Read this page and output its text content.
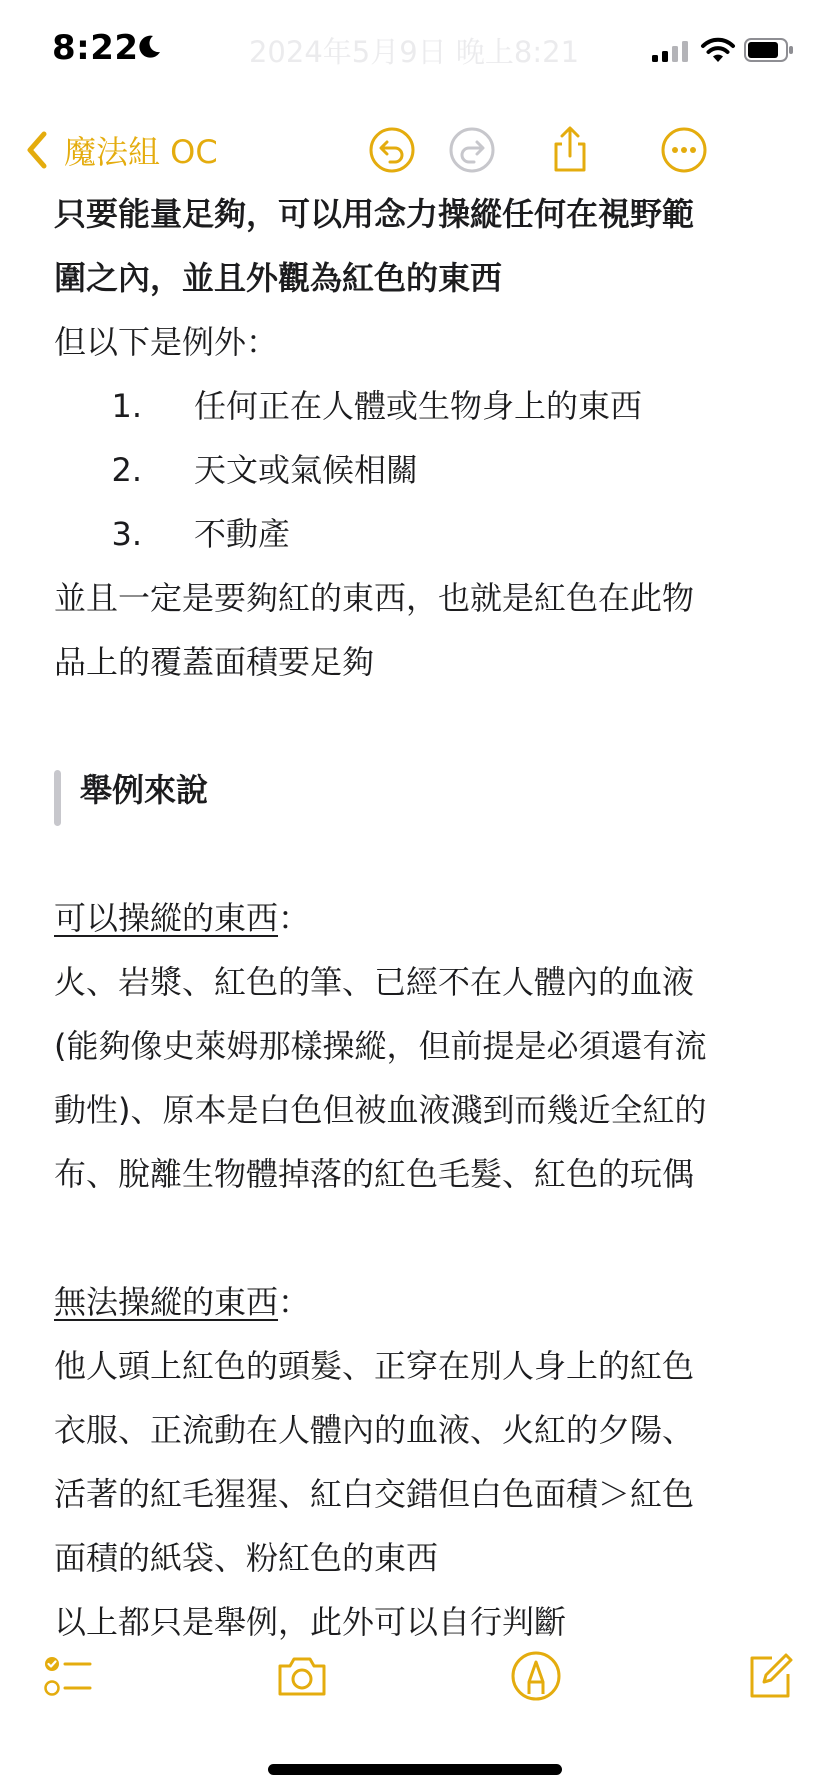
8:22	2024年5月9日 晚上8:21
魔法組 OC

只要能量足夠，可以用念力操縱任何在視野範

圍之內，並且外觀為紅色的東西

但以下是例外：

1. 任何正在人體或生物身上的東西
2. 天文或氣候相關
3. 不動產

並且一定是要夠紅的東西，也就是紅色在此物

品上的覆蓋面積要足夠

舉例來說

可以操縱的東西：

火、岩漿、紅色的筆、已經不在人體內的血液

(能夠像史萊姆那樣操縱，但前提是必須還有流

動性)、原本是白色但被血液濺到而幾近全紅的

布、脫離生物體掉落的紅色毛髮、紅色的玩偶

無法操縱的東西：

他人頭上紅色的頭髮、正穿在別人身上的紅色

衣服、正流動在人體內的血液、火紅的夕陽、

活著的紅毛猩猩、紅白交錯但白色面積＞紅色

面積的紙袋、粉紅色的東西

以上都只是舉例，此外可以自行判斷
